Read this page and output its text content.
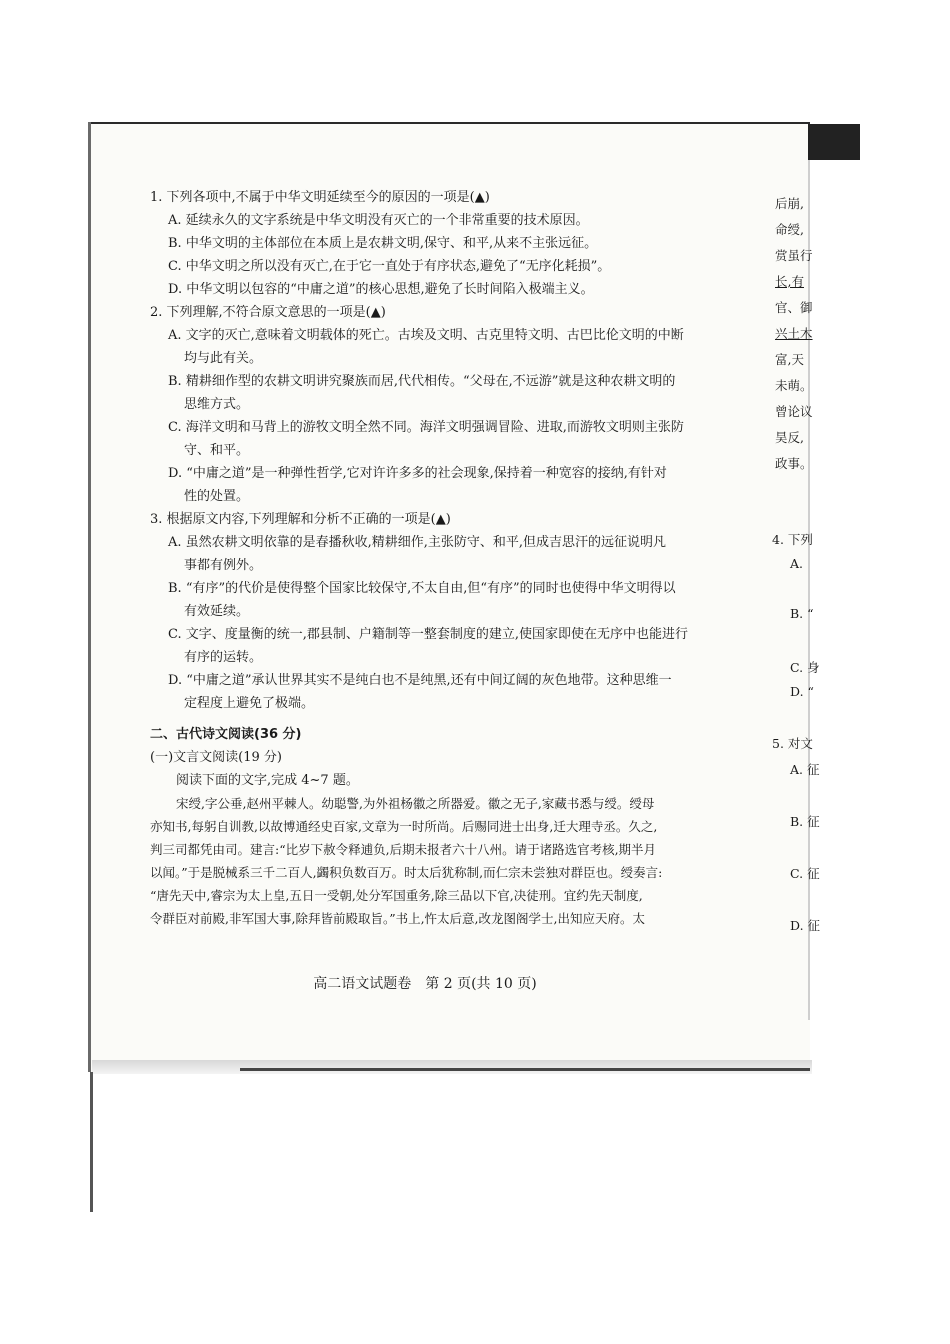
1. 下列各项中,不属于中华文明延续至今的原因的一项是(▲)
A. 延续永久的文字系统是中华文明没有灭亡的一个非常重要的技术原因。
B. 中华文明的主体部位在本质上是农耕文明,保守、和平,从来不主张远征。
C. 中华文明之所以没有灭亡,在于它一直处于有序状态,避免了“无序化耗损”。
D. 中华文明以包容的“中庸之道”的核心思想,避免了长时间陷入极端主义。
2. 下列理解,不符合原文意思的一项是(▲)
A. 文字的灭亡,意味着文明载体的死亡。古埃及文明、古克里特文明、古巴比伦文明的中断
均与此有关。
B. 精耕细作型的农耕文明讲究聚族而居,代代相传。“父母在,不远游”就是这种农耕文明的
思维方式。
C. 海洋文明和马背上的游牧文明全然不同。海洋文明强调冒险、进取,而游牧文明则主张防
守、和平。
D. “中庸之道”是一种弹性哲学,它对许许多多的社会现象,保持着一种宽容的接纳,有针对
性的处置。
3. 根据原文内容,下列理解和分析不正确的一项是(▲)
A. 虽然农耕文明依靠的是春播秋收,精耕细作,主张防守、和平,但成吉思汗的远征说明凡
事都有例外。
B. “有序”的代价是使得整个国家比较保守,不太自由,但“有序”的同时也使得中华文明得以
有效延续。
C. 文字、度量衡的统一,郡县制、户籍制等一整套制度的建立,使国家即使在无序中也能进行
有序的运转。
D. “中庸之道”承认世界其实不是纯白也不是纯黑,还有中间辽阔的灰色地带。这种思维一
定程度上避免了极端。
二、古代诗文阅读(36 分)
(一)文言文阅读(19 分)
阅读下面的文字,完成 4~7 题。
宋绶,字公垂,赵州平棘人。幼聪警,为外祖杨徽之所器爱。徽之无子,家藏书悉与绶。绶母
亦知书,每躬自训教,以故博通经史百家,文章为一时所尚。后赐同进士出身,迁大理寺丞。久之,
判三司都凭由司。建言:“比岁下赦令释逋负,后期未报者六十八州。请于诸路选官考核,期半月
以闻。”于是脱械系三千二百人,蠲积负数百万。时太后犹称制,而仁宗未尝独对群臣也。绶奏言:
“唐先天中,睿宗为太上皇,五日一受朝,处分军国重务,除三品以下官,决徒刑。宜约先天制度,
令群臣对前殿,非军国大事,除拜皆前殿取旨。”书上,忤太后意,改龙图阁学士,出知应天府。太
高二语文试题卷　第 2 页(共 10 页)
后崩,
命绶,
赏虽行
长,有
官、御
兴土木
富,天
未萌。
曾论议
昊反,
政事。
4. 下列
A.
B. “
C. 身
D. “
5. 对文
A. 征
B. 征
C. 征
D. 征
